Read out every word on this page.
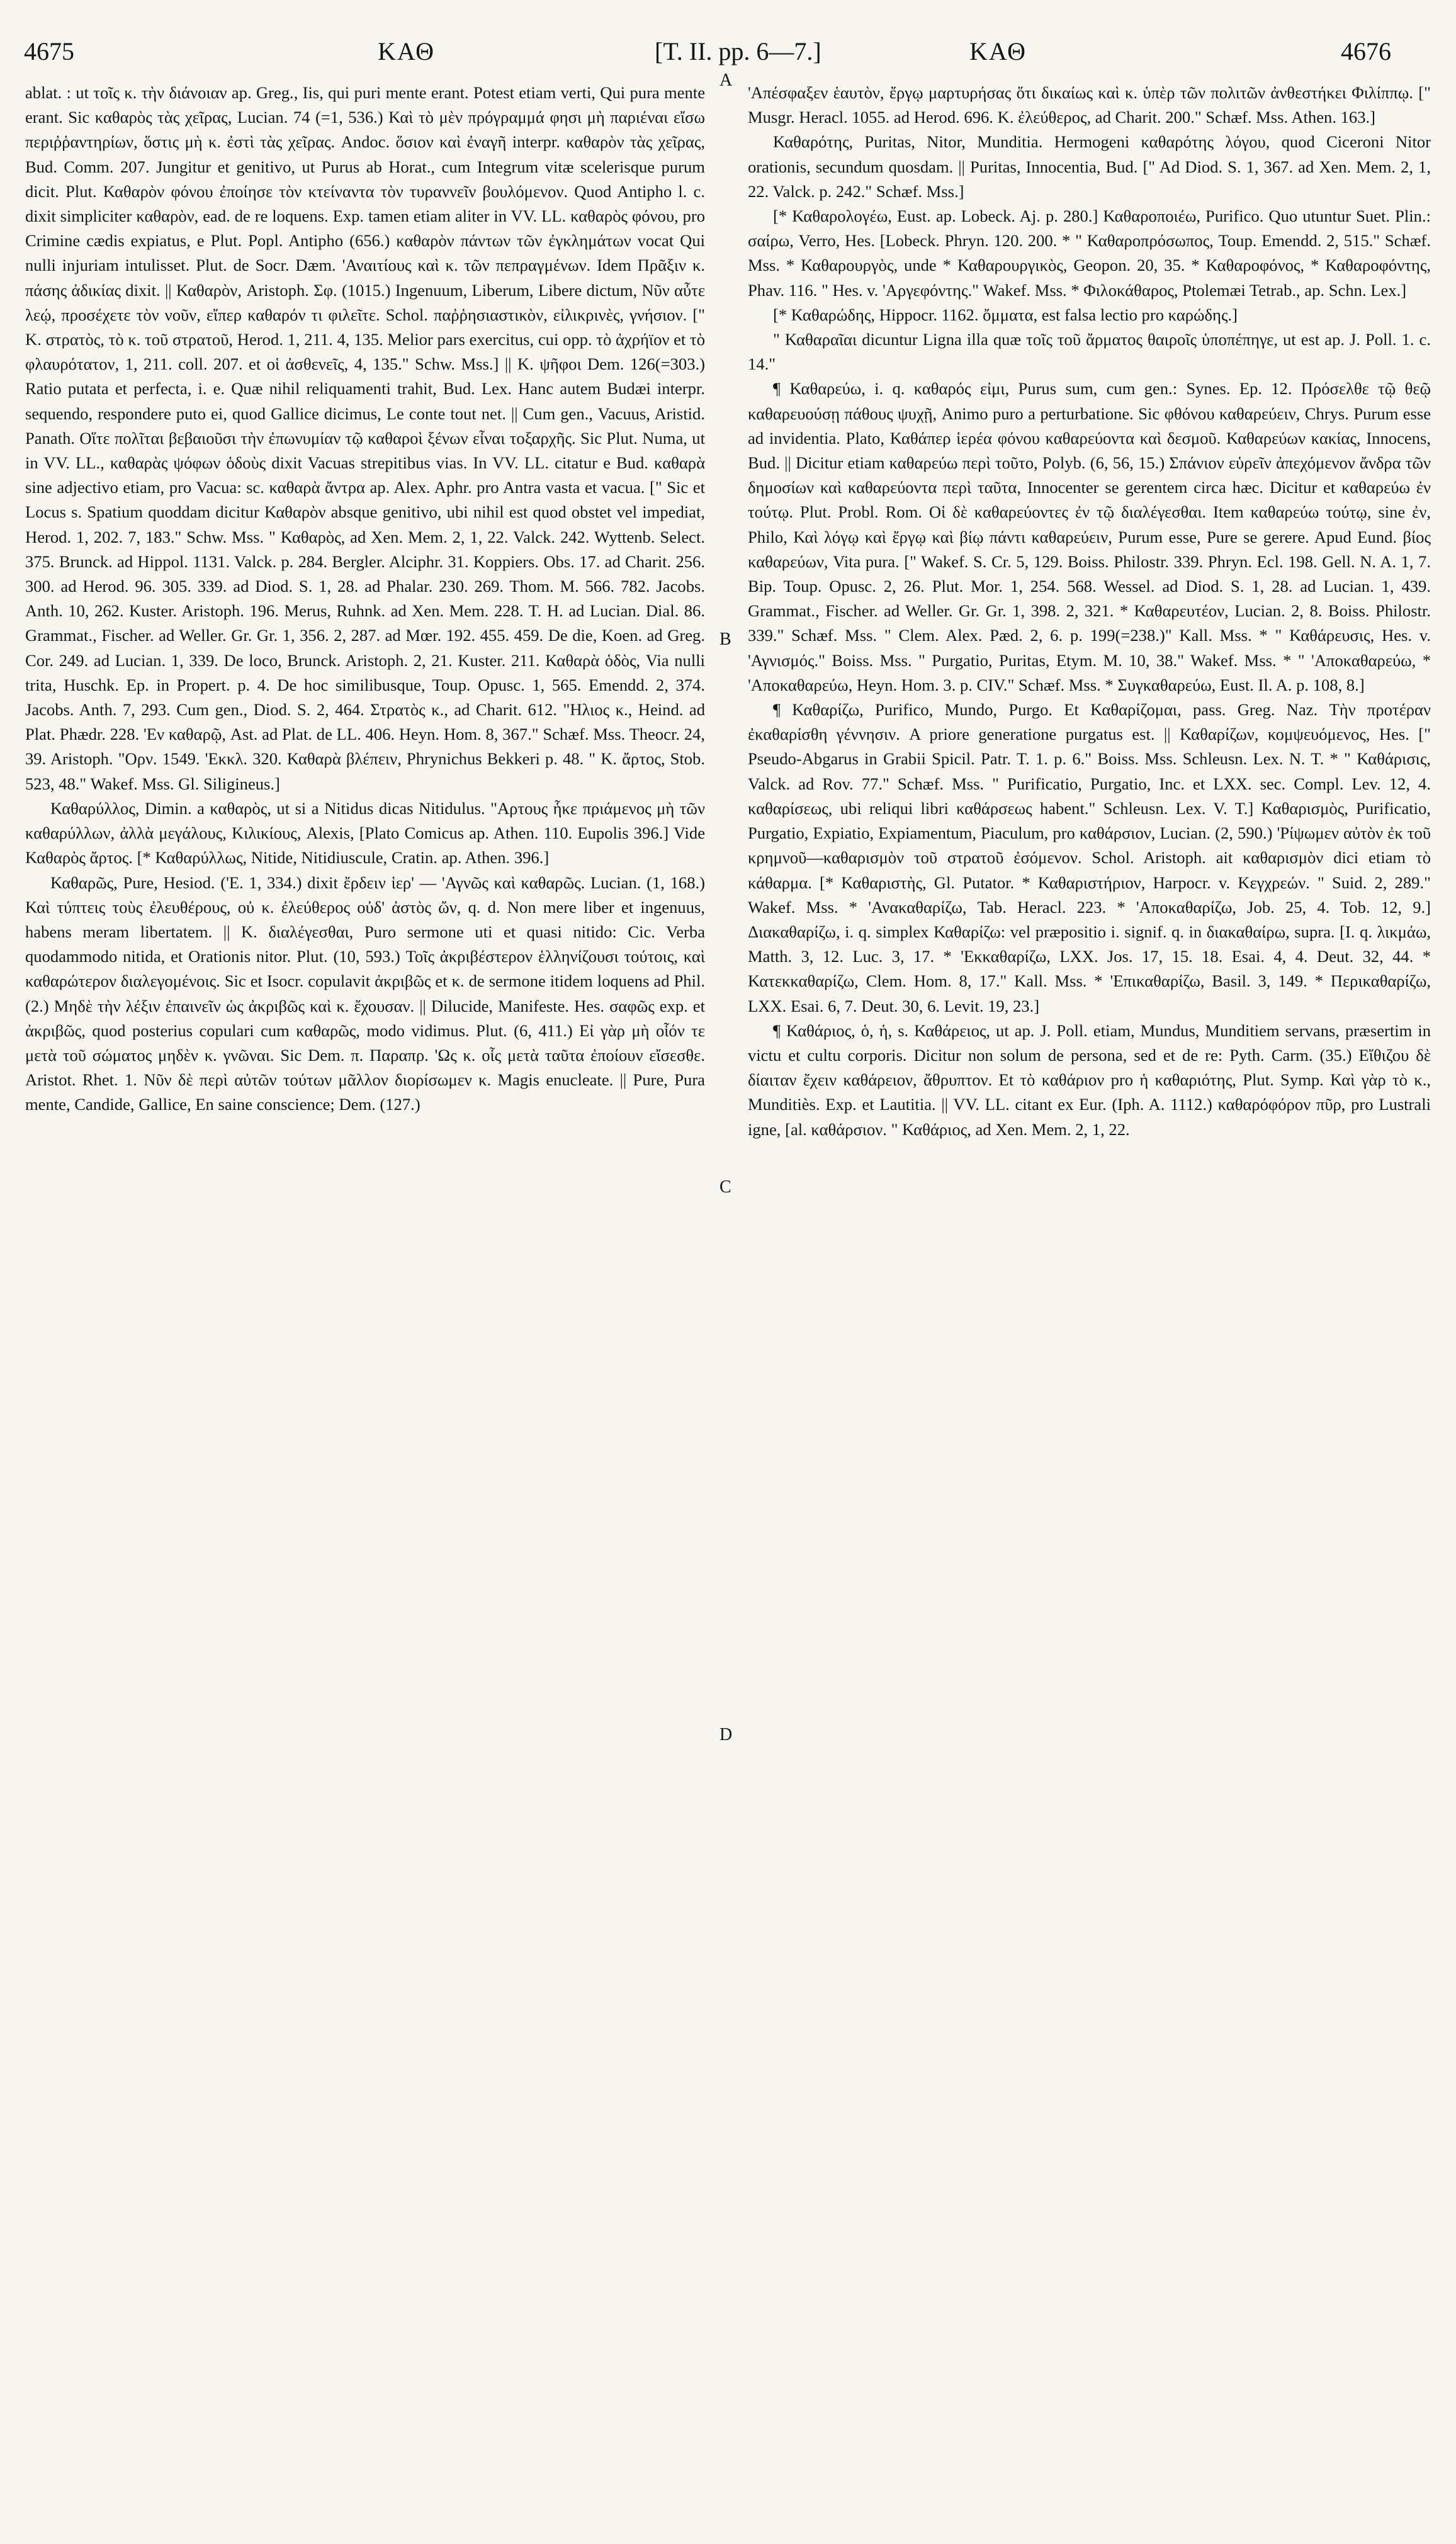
4675	ΚΑΘ	[T. II. pp. 6—7.]	ΚΑΘ	4676
A
B
C
D

ablat. : ut τοῖς κ. τὴν διάνοιαν ap. Greg., Iis, qui puri mente erant. Potest etiam verti, Qui pura mente erant. Sic καθαρὸς τὰς χεῖρας, Lucian. 74 (=1, 536.) Καὶ τὸ μὲν πρόγραμμά φησι μὴ παριέναι εἴσω περιῤῥαντηρίων, ὅστις μὴ κ. ἐστὶ τὰς χεῖρας. Andoc. ὅσιον καὶ ἐναγῆ interpr. καθαρὸν τὰς χεῖρας, Bud. Comm. 207. Jungitur et genitivo, ut Purus ab Horat., cum Integrum vitæ scelerisque purum dicit. Plut. Καθαρὸν φόνου ἐποίησε τὸν κτείναντα τὸν τυραννεῖν βουλόμενον. Quod Antipho l. c. dixit simpliciter καθαρὸν, ead. de re loquens. Exp. tamen etiam aliter in VV. LL. καθαρὸς φόνου, pro Crimine cædis expiatus, e Plut. Popl. Antipho (656.) καθαρὸν πάντων τῶν ἐγκλημάτων vocat Qui nulli injuriam intulisset. Plut. de Socr. Dæm. 'Αναιτίους καὶ κ. τῶν πεπραγμένων. Idem Πρᾶξιν κ. πάσης ἀδικίας dixit. || Καθαρὸν, Aristoph. Σφ. (1015.) Ingenuum, Liberum, Libere dictum, Νῦν αὖτε λεῴ, προσέχετε τὸν νοῦν, εἴπερ καθαρόν τι φιλεῖτε. Schol. παῤῥησιαστικὸν, εἰλικρινὲς, γνήσιον. [" Κ. στρατὸς, τὸ κ. τοῦ στρατοῦ, Herod. 1, 211. 4, 135. Melior pars exercitus, cui opp. τὸ ἀχρήϊον et τὸ φλαυρότατον, 1, 211. coll. 207. et οἱ ἀσθενεῖς, 4, 135." Schw. Mss.] || Κ. ψῆφοι Dem. 126(=303.) Ratio putata et perfecta, i. e. Quæ nihil reliquamenti trahit, Bud. Lex. Hanc autem Budæi interpr. sequendo, respondere puto ei, quod Gallice dicimus, Le conte tout net. || Cum gen., Vacuus, Aristid. Panath. Οἵτε πολῖται βεβαιοῦσι τὴν ἐπωνυμίαν τῷ καθαροὶ ξένων εἶναι τοξαρχῆς. Sic Plut. Numa, ut in VV. LL., καθαρὰς ψόφων ὁδοὺς dixit Vacuas strepitibus vias. In VV. LL. citatur e Bud. καθαρὰ sine adjectivo etiam, pro Vacua: sc. καθαρὰ ἄντρα ap. Alex. Aphr. pro Antra vasta et vacua. [" Sic et Locus s. Spatium quoddam dicitur Καθαρὸν absque genitivo, ubi nihil est quod obstet vel impediat, Herod. 1, 202. 7, 183." Schw. Mss. " Καθαρὸς, ad Xen. Mem. 2, 1, 22. Valck. 242. Wyttenb. Select. 375. Brunck. ad Hippol. 1131. Valck. p. 284. Bergler. Alciphr. 31. Koppiers. Obs. 17. ad Charit. 256. 300. ad Herod. 96. 305. 339. ad Diod. S. 1, 28. ad Phalar. 230. 269. Thom. M. 566. 782. Jacobs. Anth. 10, 262. Kuster. Aristoph. 196. Merus, Ruhnk. ad Xen. Mem. 228. T. H. ad Lucian. Dial. 86. Grammat., Fischer. ad Weller. Gr. Gr. 1, 356. 2, 287. ad Mœr. 192. 455. 459. De die, Koen. ad Greg. Cor. 249. ad Lucian. 1, 339. De loco, Brunck. Aristoph. 2, 21. Kuster. 211. Καθαρὰ ὁδὸς, Via nulli trita, Huschk. Ep. in Propert. p. 4. De hoc similibusque, Toup. Opusc. 1, 565. Emendd. 2, 374. Jacobs. Anth. 7, 293. Cum gen., Diod. S. 2, 464. Στρατὸς κ., ad Charit. 612. "Ηλιος κ., Heind. ad Plat. Phædr. 228. 'Εν καθαρῷ, Ast. ad Plat. de LL. 406. Heyn. Hom. 8, 367." Schæf. Mss. Theocr. 24, 39. Aristoph. "Ορν. 1549. 'Εκκλ. 320. Καθαρὰ βλέπειν, Phrynichus Bekkeri p. 48. " Κ. ἄρτος, Stob. 523, 48." Wakef. Mss. Gl. Siligineus.]

Καθαρύλλος, Dimin. a καθαρὸς, ut si a Nitidus dicas Nitidulus. "Αρτους ἧκε πριάμενος μὴ τῶν καθαρύλλων, ἀλλὰ μεγάλους, Κιλικίους, Alexis, [Plato Comicus ap. Athen. 110. Eupolis 396.] Vide Καθαρὸς ἄρτος. [* Καθαρύλλως, Nitide, Nitidiuscule, Cratin. ap. Athen. 396.]

Καθαρῶς, Pure, Hesiod. ('E. 1, 334.) dixit ἔρδειν ἱερ' — 'Αγνῶς καὶ καθαρῶς. Lucian. (1, 168.) Καὶ τύπτεις τοὺς ἐλευθέρους, οὐ κ. ἐλεύθερος οὐδ' ἀστὸς ὤν, q. d. Non mere liber et ingenuus, habens meram libertatem. || Κ. διαλέγεσθαι, Puro sermone uti et quasi nitido: Cic. Verba quodammodo nitida, et Orationis nitor. Plut. (10, 593.) Τοῖς ἀκριβέστερον ἑλληνίζουσι τούτοις, καὶ καθαρώτερον διαλεγομένοις. Sic et Isocr. copulavit ἀκριβῶς et κ. de sermone itidem loquens ad Phil. (2.) Μηδὲ τὴν λέξιν ἐπαινεῖν ὡς ἀκριβῶς καὶ κ. ἔχουσαν. || Dilucide, Manifeste. Hes. σαφῶς exp. et ἀκριβῶς, quod posterius copulari cum καθαρῶς, modo vidimus. Plut. (6, 411.) Εἰ γὰρ μὴ οἷόν τε μετὰ τοῦ σώματος μηδὲν κ. γνῶναι. Sic Dem. π. Παραπρ. 'Ως κ. οἷς μετὰ ταῦτα ἐποίουν εἴσεσθε. Aristot. Rhet. 1. Νῦν δὲ περὶ αὐτῶν τούτων μᾶλλον διορίσωμεν κ. Magis enucleate. || Pure, Pura mente, Candide, Gallice, En saine conscience; Dem. (127.)

'Απέσφαξεν ἑαυτὸν, ἔργῳ μαρτυρήσας ὅτι δικαίως καὶ κ. ὑπὲρ τῶν πολιτῶν ἀνθεστήκει Φιλίππῳ. [" Musgr. Heracl. 1055. ad Herod. 696. Κ. ἐλεύθερος, ad Charit. 200." Schæf. Mss. Athen. 163.]

Καθαρότης, Puritas, Nitor, Munditia. Hermogeni καθαρότης λόγου, quod Ciceroni Nitor orationis, secundum quosdam. || Puritas, Innocentia, Bud. [" Ad Diod. S. 1, 367. ad Xen. Mem. 2, 1, 22. Valck. p. 242." Schæf. Mss.]

[* Καθαρολογέω, Eust. ap. Lobeck. Aj. p. 280.] Καθαροποιέω, Purifico. Quo utuntur Suet. Plin.: σαίρω, Verro, Hes. [Lobeck. Phryn. 120. 200. * " Καθαροπρόσωπος, Toup. Emendd. 2, 515." Schæf. Mss. * Καθαρουργὸς, unde * Καθαρουργικὸς, Geopon. 20, 35. * Καθαροφόνος, * Καθαροφόντης, Phav. 116. " Hes. v. 'Αργεφόντης." Wakef. Mss. * Φιλοκάθαρος, Ptolemæi Tetrab., ap. Schn. Lex.]

[* Καθαρώδης, Hippocr. 1162. ὄμματα, est falsa lectio pro καρώδης.]

" Καθαραῖαι dicuntur Ligna illa quæ τοῖς τοῦ ἄρματος θαιροῖς ὑποπέπηγε, ut est ap. J. Poll. 1. c. 14."

¶ Καθαρεύω, i. q. καθαρός εἰμι, Purus sum, cum gen.: Synes. Ep. 12. Πρόσελθε τῷ θεῷ καθαρευούσῃ πάθους ψυχῇ, Animo puro a perturbatione. Sic φθόνου καθαρεύειν, Chrys. Purum esse ad invidentia. Plato, Καθάπερ ἱερέα φόνου καθαρεύοντα καὶ δεσμοῦ. Καθαρεύων κακίας, Innocens, Bud. || Dicitur etiam καθαρεύω περὶ τοῦτο, Polyb. (6, 56, 15.) Σπάνιον εὑρεῖν ἀπεχόμενον ἄνδρα τῶν δημοσίων καὶ καθαρεύοντα περὶ ταῦτα, Innocenter se gerentem circa hæc. Dicitur et καθαρεύω ἐν τούτῳ. Plut. Probl. Rom. Οἱ δὲ καθαρεύοντες ἐν τῷ διαλέγεσθαι. Item καθαρεύω τούτῳ, sine ἐν, Philo, Καὶ λόγῳ καὶ ἔργῳ καὶ βίῳ πάντι καθαρεύειν, Purum esse, Pure se gerere. Apud Eund. βίος καθαρεύων, Vita pura. [" Wakef. S. Cr. 5, 129. Boiss. Philostr. 339. Phryn. Ecl. 198. Gell. N. A. 1, 7. Bip. Toup. Opusc. 2, 26. Plut. Mor. 1, 254. 568. Wessel. ad Diod. S. 1, 28. ad Lucian. 1, 439. Grammat., Fischer. ad Weller. Gr. Gr. 1, 398. 2, 321. * Καθαρευτέον, Lucian. 2, 8. Boiss. Philostr. 339." Schæf. Mss. " Clem. Alex. Pæd. 2, 6. p. 199(=238.)" Kall. Mss. * " Καθάρευσις, Hes. v. 'Αγνισμός." Boiss. Mss. " Purgatio, Puritas, Etym. M. 10, 38." Wakef. Mss. * " 'Αποκαθαρεύω, * 'Αποκαθαρεύω, Heyn. Hom. 3. p. CIV." Schæf. Mss. * Συγκαθαρεύω, Eust. Il. A. p. 108, 8.]

¶ Καθαρίζω, Purifico, Mundo, Purgo. Et Καθαρίζομαι, pass. Greg. Naz. Τὴν προτέραν ἐκαθαρίσθη γέννησιν. A priore generatione purgatus est. || Καθαρίζων, κομψευόμενος, Hes. [" Pseudo-Abgarus in Grabii Spicil. Patr. T. 1. p. 6." Boiss. Mss. Schleusn. Lex. N. T. * " Καθάρισις, Valck. ad Rov. 77." Schæf. Mss. " Purificatio, Purgatio, Inc. et LXX. sec. Compl. Lev. 12, 4. καθαρίσεως, ubi reliqui libri καθάρσεως habent." Schleusn. Lex. V. T.] Καθαρισμὸς, Purificatio, Purgatio, Expiatio, Expiamentum, Piaculum, pro καθάρσιον, Lucian. (2, 590.) 'Ρίψωμεν αὐτὸν ἐκ τοῦ κρημνοῦ—καθαρισμὸν τοῦ στρατοῦ ἐσόμενον. Schol. Aristoph. ait καθαρισμὸν dici etiam τὸ κάθαρμα. [* Καθαριστὴς, Gl. Putator. * Καθαριστήριον, Harpocr. v. Κεγχρεών. " Suid. 2, 289." Wakef. Mss. * 'Ανακαθαρίζω, Tab. Heracl. 223. * 'Αποκαθαρίζω, Job. 25, 4. Tob. 12, 9.] Διακαθαρίζω, i. q. simplex Καθαρίζω: vel præpositio i. signif. q. in διακαθαίρω, supra. [I. q. λικμάω, Matth. 3, 12. Luc. 3, 17. * 'Εκκαθαρίζω, LXX. Jos. 17, 15. 18. Esai. 4, 4. Deut. 32, 44. * Κατεκκαθαρίζω, Clem. Hom. 8, 17." Kall. Mss. * 'Επικαθαρίζω, Basil. 3, 149. * Περικαθαρίζω, LXX. Esai. 6, 7. Deut. 30, 6. Levit. 19, 23.]

¶ Καθάριος, ὁ, ἡ, s. Καθάρειος, ut ap. J. Poll. etiam, Mundus, Munditiem servans, præsertim in victu et cultu corporis. Dicitur non solum de persona, sed et de re: Pyth. Carm. (35.) Εἴθιζου δὲ δίαιταν ἔχειν καθάρειον, ἄθρυπτον. Et τὸ καθάριον pro ἡ καθαριότης, Plut. Symp. Καὶ γὰρ τὸ κ., Munditiès. Exp. et Lautitia. || VV. LL. citant ex Eur. (Iph. A. 1112.) καθαρόφόρον πῦρ, pro Lustrali igne, [al. καθάρσιον. " Καθάριος, ad Xen. Mem. 2, 1, 22.
